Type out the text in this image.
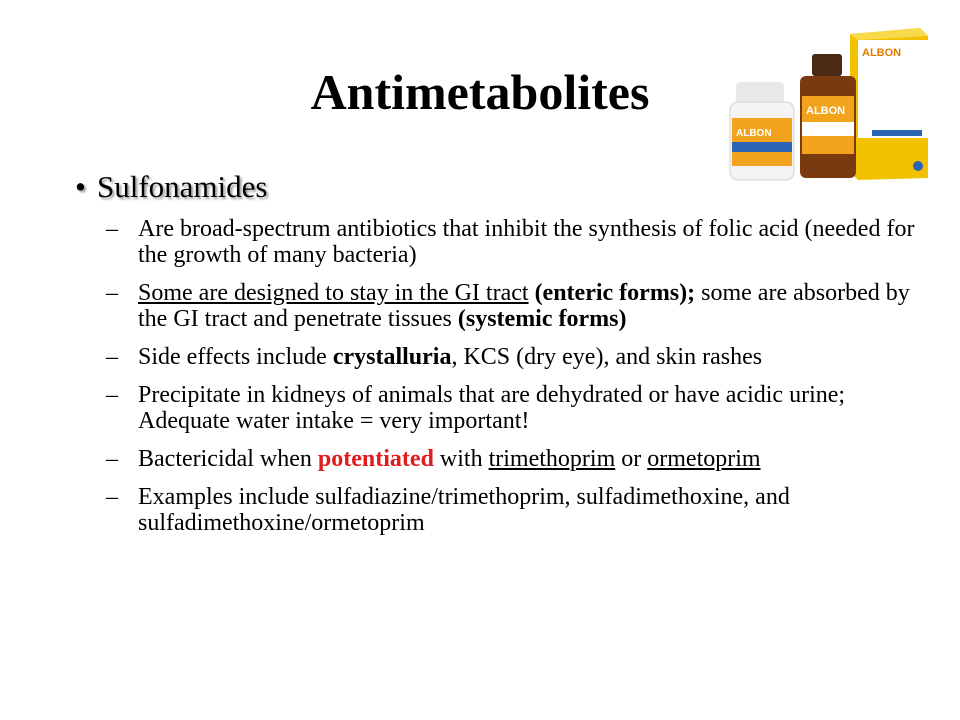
Antimetabolites
• Sulfonamides
– Are broad-spectrum antibiotics that inhibit the synthesis of folic acid (needed for the growth of many bacteria)
– Some are designed to stay in the GI tract (enteric forms); some are absorbed by the GI tract and penetrate tissues (systemic forms)
– Side effects include crystalluria, KCS (dry eye), and skin rashes
– Precipitate in kidneys of animals that are dehydrated or have acidic urine; Adequate water intake = very important!
– Bactericidal when potentiated with trimethoprim or ormetoprim
– Examples include sulfadiazine/trimethoprim, sulfadimethoxine, and sulfadimethoxine/ormetoprim
ALBON
ALBON
ALBON
